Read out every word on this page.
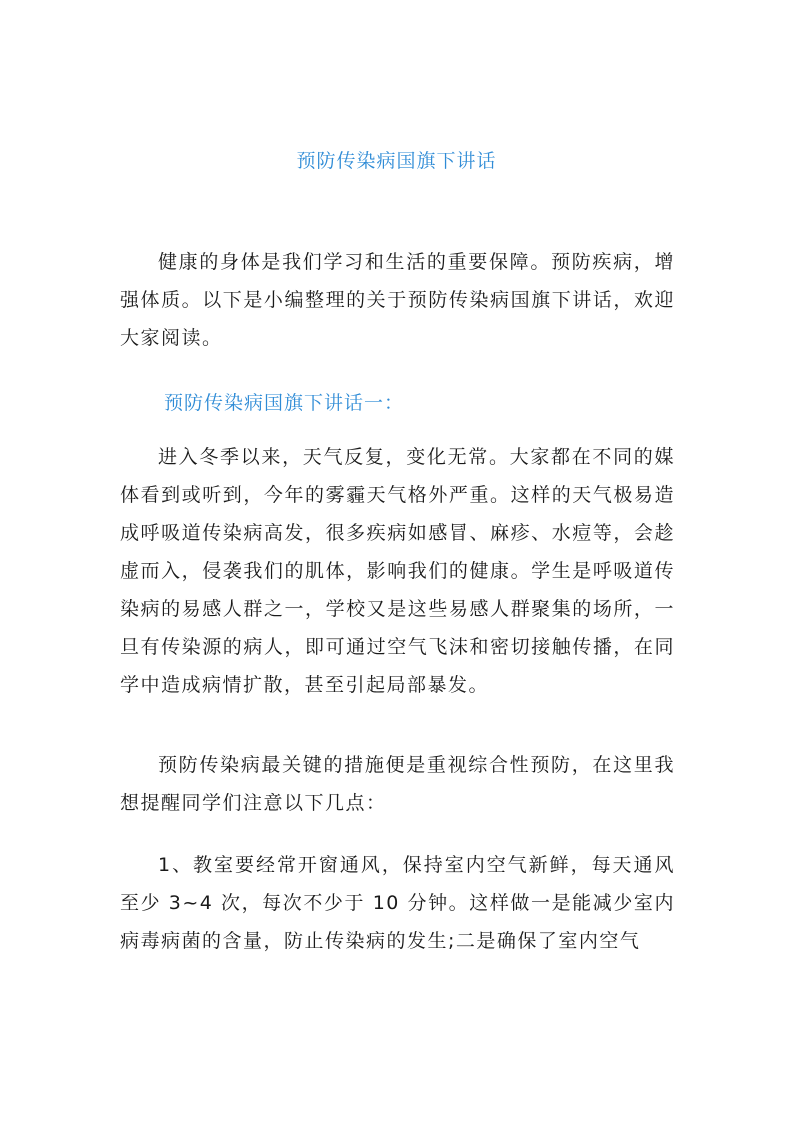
预防传染病国旗下讲话
健康的身体是我们学习和生活的重要保障。预防疾病，增强体质。以下是小编整理的关于预防传染病国旗下讲话，欢迎大家阅读。
预防传染病国旗下讲话一：
进入冬季以来，天气反复，变化无常。大家都在不同的媒体看到或听到，今年的雾霾天气格外严重。这样的天气极易造成呼吸道传染病高发，很多疾病如感冒、麻疹、水痘等，会趁虚而入，侵袭我们的肌体，影响我们的健康。学生是呼吸道传染病的易感人群之一，学校又是这些易感人群聚集的场所，一旦有传染源的病人，即可通过空气飞沫和密切接触传播，在同学中造成病情扩散，甚至引起局部暴发。
预防传染病最关键的措施便是重视综合性预防，在这里我想提醒同学们注意以下几点：
1、教室要经常开窗通风，保持室内空气新鲜，每天通风至少 3~4 次，每次不少于 10 分钟。这样做一是能减少室内病毒病菌的含量，防止传染病的发生;二是确保了室内空气
